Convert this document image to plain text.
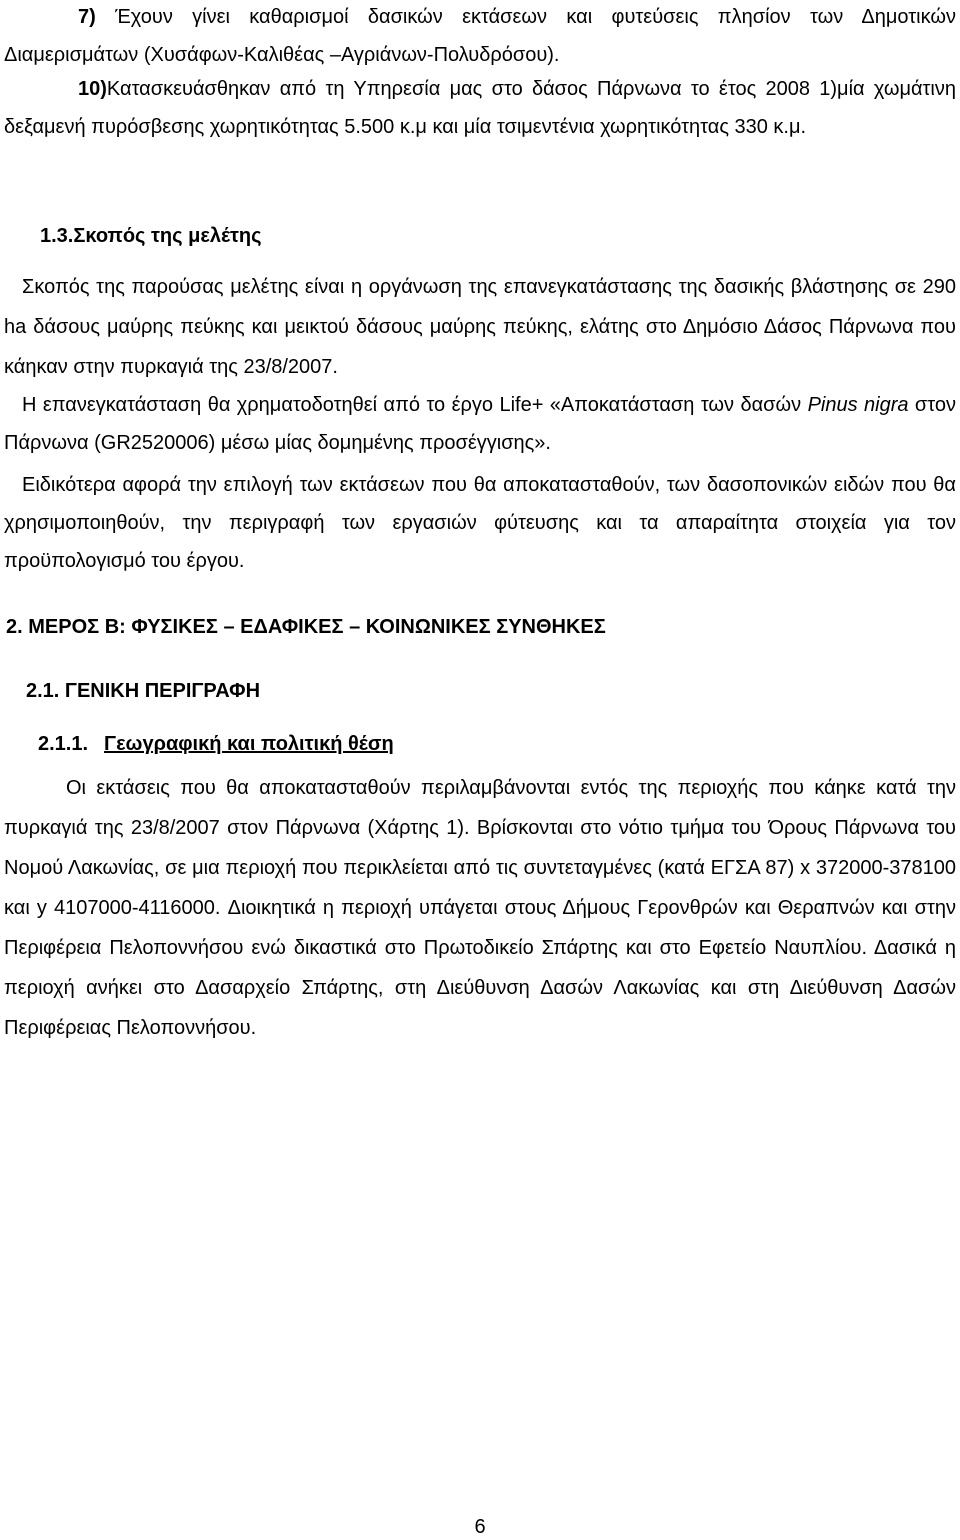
7) Έχουν γίνει καθαρισμοί δασικών εκτάσεων και φυτεύσεις πλησίον των Δημοτικών Διαμερισμάτων (Χυσάφων-Καλιθέας –Αγριάνων-Πολυδρόσου).

10)Κατασκευάσθηκαν από τη Υπηρεσία μας στο δάσος Πάρνωνα το έτος 2008 1)μία χωμάτινη δεξαμενή πυρόσβεσης χωρητικότητας 5.500 κ.μ και μία τσιμεντένια χωρητικότητας 330 κ.μ.

1.3.Σκοπός της μελέτης

Σκοπός της παρούσας μελέτης είναι η οργάνωση της επανεγκατάστασης της δασικής βλάστησης σε 290 ha δάσους μαύρης πεύκης και μεικτού δάσους μαύρης πεύκης, ελάτης στο Δημόσιο Δάσος Πάρνωνα που κάηκαν στην πυρκαγιά της 23/8/2007.

Η επανεγκατάσταση θα χρηματοδοτηθεί από το έργο Life+ «Αποκατάσταση των δασών Pinus nigra στον Πάρνωνα (GR2520006) μέσω μίας δομημένης προσέγγισης».

Ειδικότερα αφορά την επιλογή των εκτάσεων που θα αποκατασταθούν, των δασοπονικών ειδών που θα χρησιμοποιηθούν, την περιγραφή των εργασιών φύτευσης και τα απαραίτητα στοιχεία για τον προϋπολογισμό του έργου.

2. ΜΕΡΟΣ Β: ΦΥΣΙΚΕΣ – ΕΔΑΦΙΚΕΣ – ΚΟΙΝΩΝΙΚΕΣ ΣΥΝΘΗΚΕΣ
2.1. ΓΕΝΙΚΗ ΠΕΡΙΓΡΑΦΗ
2.1.1. Γεωγραφική και πολιτική θέση

Οι εκτάσεις που θα αποκατασταθούν περιλαμβάνονται εντός της περιοχής που κάηκε κατά την πυρκαγιά της 23/8/2007 στον Πάρνωνα (Χάρτης 1). Βρίσκονται στο νότιο τμήμα του Όρους Πάρνωνα του Νομού Λακωνίας, σε μια περιοχή που περικλείεται από τις συντεταγμένες (κατά ΕΓΣΑ 87) x 372000-378100 και y 4107000-4116000. Διοικητικά η περιοχή υπάγεται στους Δήμους Γερονθρών και Θεραπνών και στην Περιφέρεια Πελοποννήσου ενώ δικαστικά στο Πρωτοδικείο Σπάρτης και στο Εφετείο Ναυπλίου. Δασικά η περιοχή ανήκει στο Δασαρχείο Σπάρτης, στη Διεύθυνση Δασών Λακωνίας και στη Διεύθυνση Δασών Περιφέρειας Πελοποννήσου.

6
